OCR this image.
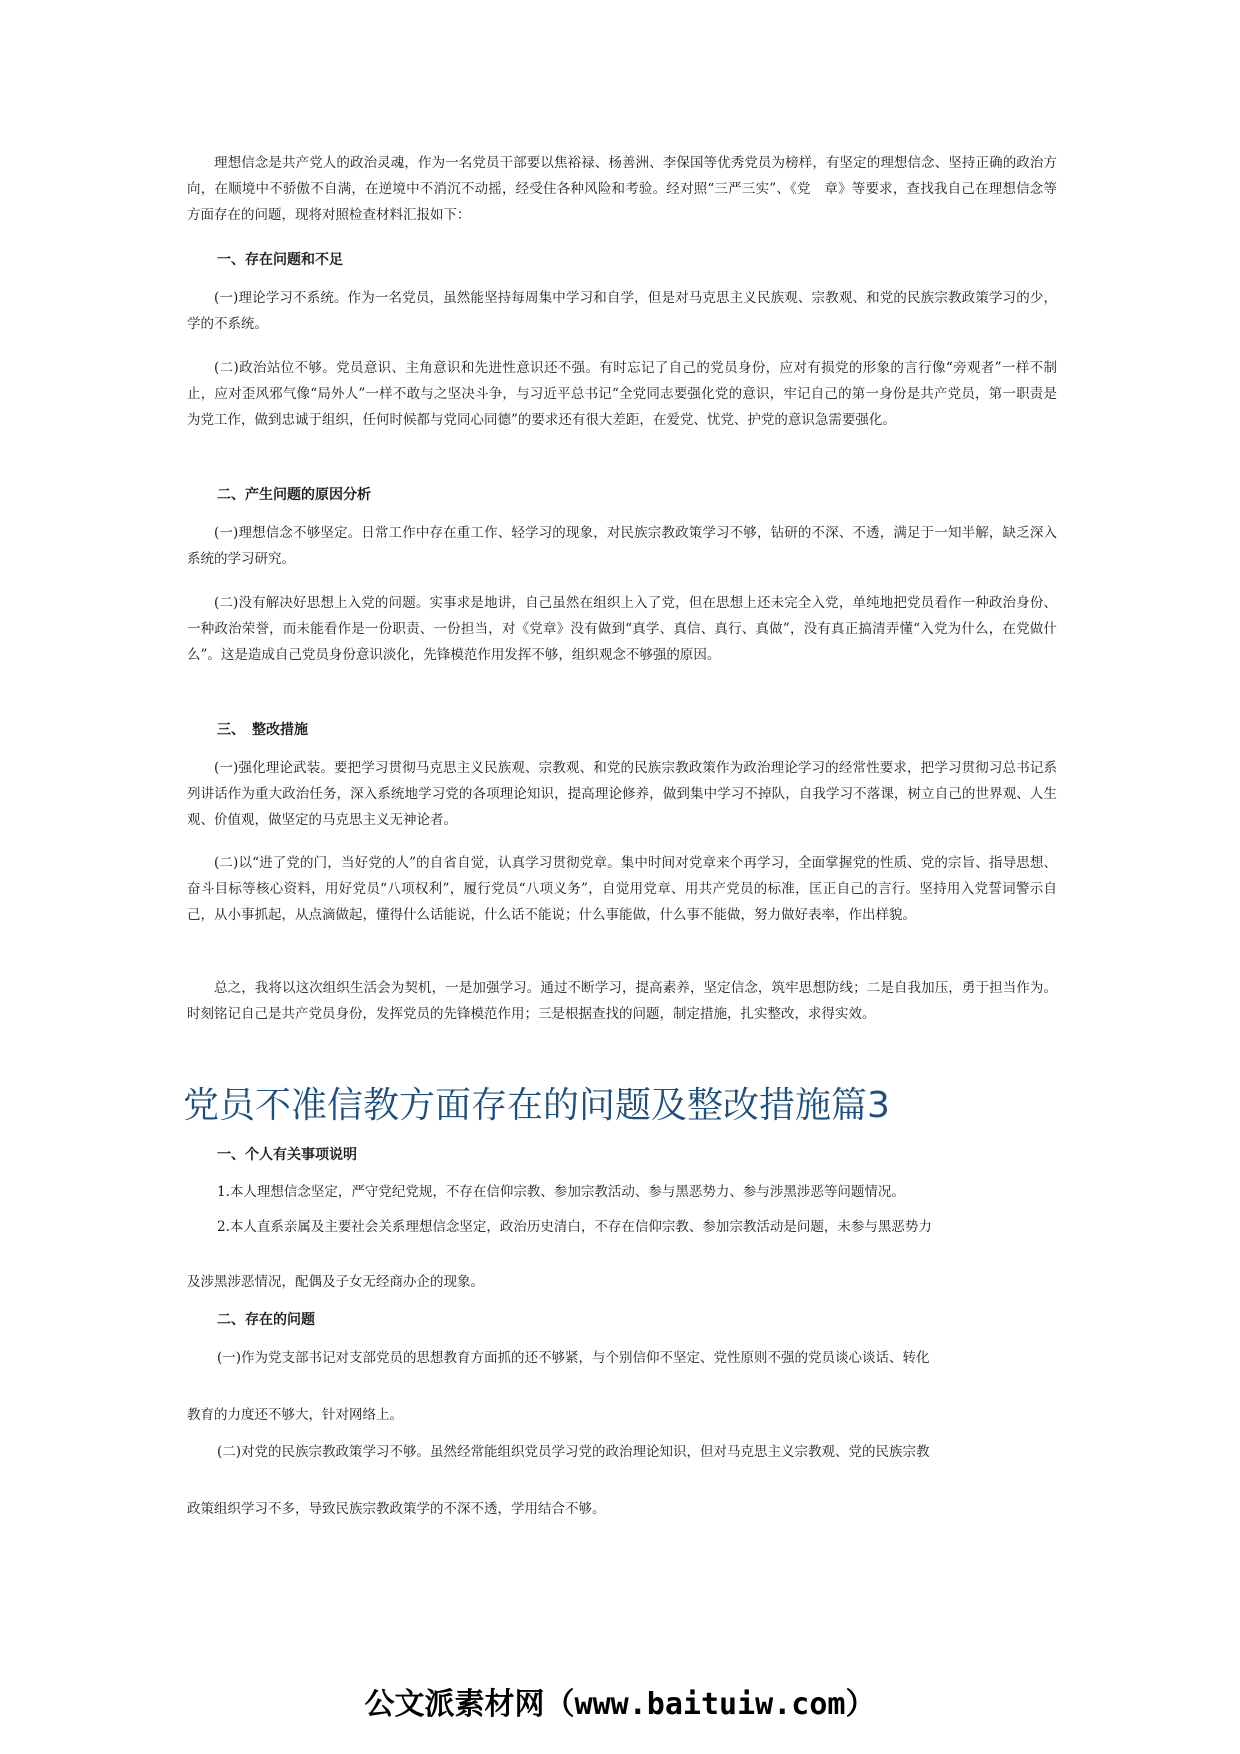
理想信念是共产党人的政治灵魂，作为一名党员干部要以焦裕禄、杨善洲、李保国等优秀党员为榜样，有坚定的理想信念、坚持正确的政治方向，在顺境中不骄傲不自满，在逆境中不消沉不动摇，经受住各种风险和考验。经对照“三严三实”、《党　章》等要求，查找我自己在理想信念等方面存在的问题，现将对照检查材料汇报如下：

一、存在问题和不足

(一)理论学习不系统。作为一名党员，虽然能坚持每周集中学习和自学，但是对马克思主义民族观、宗教观、和党的民族宗教政策学习的少，学的不系统。

(二)政治站位不够。党员意识、主角意识和先进性意识还不强。有时忘记了自己的党员身份，应对有损党的形象的言行像“旁观者”一样不制止，应对歪风邪气像“局外人”一样不敢与之坚决斗争，与习近平总书记“全党同志要强化党的意识，牢记自己的第一身份是共产党员，第一职责是为党工作，做到忠诚于组织，任何时候都与党同心同德”的要求还有很大差距，在爱党、忧党、护党的意识急需要强化。

二、产生问题的原因分析

(一)理想信念不够坚定。日常工作中存在重工作、轻学习的现象，对民族宗教政策学习不够，钻研的不深、不透，满足于一知半解，缺乏深入系统的学习研究。

(二)没有解决好思想上入党的问题。实事求是地讲，自己虽然在组织上入了党，但在思想上还未完全入党，单纯地把党员看作一种政治身份、一种政治荣誉，而未能看作是一份职责、一份担当，对《党章》没有做到“真学、真信、真行、真做”，没有真正搞清弄懂“入党为什么，在党做什么”。这是造成自己党员身份意识淡化，先锋模范作用发挥不够，组织观念不够强的原因。

三、　整改措施

(一)强化理论武装。要把学习贯彻马克思主义民族观、宗教观、和党的民族宗教政策作为政治理论学习的经常性要求，把学习贯彻习总书记系列讲话作为重大政治任务，深入系统地学习党的各项理论知识，提高理论修养，做到集中学习不掉队，自我学习不落课，树立自己的世界观、人生观、价值观，做坚定的马克思主义无神论者。

(二)以“进了党的门，当好党的人”的自省自觉，认真学习贯彻党章。集中时间对党章来个再学习，全面掌握党的性质、党的宗旨、指导思想、奋斗目标等核心资料，用好党员“八项权利”，履行党员“八项义务”，自觉用党章、用共产党员的标准，匡正自己的言行。坚持用入党誓词警示自己，从小事抓起，从点滴做起，懂得什么话能说，什么话不能说；什么事能做，什么事不能做，努力做好表率，作出样貌。

总之，我将以这次组织生活会为契机，一是加强学习。通过不断学习，提高素养，坚定信念，筑牢思想防线；二是自我加压，勇于担当作为。时刻铭记自己是共产党员身份，发挥党员的先锋模范作用；三是根据查找的问题，制定措施，扎实整改，求得实效。

党员不准信教方面存在的问题及整改措施篇3
一、个人有关事项说明
1.本人理想信念坚定，严守党纪党规，不存在信仰宗教、参加宗教活动、参与黑恶势力、参与涉黑涉恶等问题情况。
2.本人直系亲属及主要社会关系理想信念坚定，政治历史清白，不存在信仰宗教、参加宗教活动是问题，未参与黑恶势力
及涉黑涉恶情况，配偶及子女无经商办企的现象。
二、存在的问题
(一)作为党支部书记对支部党员的思想教育方面抓的还不够紧，与个别信仰不坚定、党性原则不强的党员谈心谈话、转化
教育的力度还不够大，针对网络上。
(二)对党的民族宗教政策学习不够。虽然经常能组织党员学习党的政治理论知识，但对马克思主义宗教观、党的民族宗教
政策组织学习不多，导致民族宗教政策学的不深不透，学用结合不够。
公文派素材网（www.baituiw.com）
